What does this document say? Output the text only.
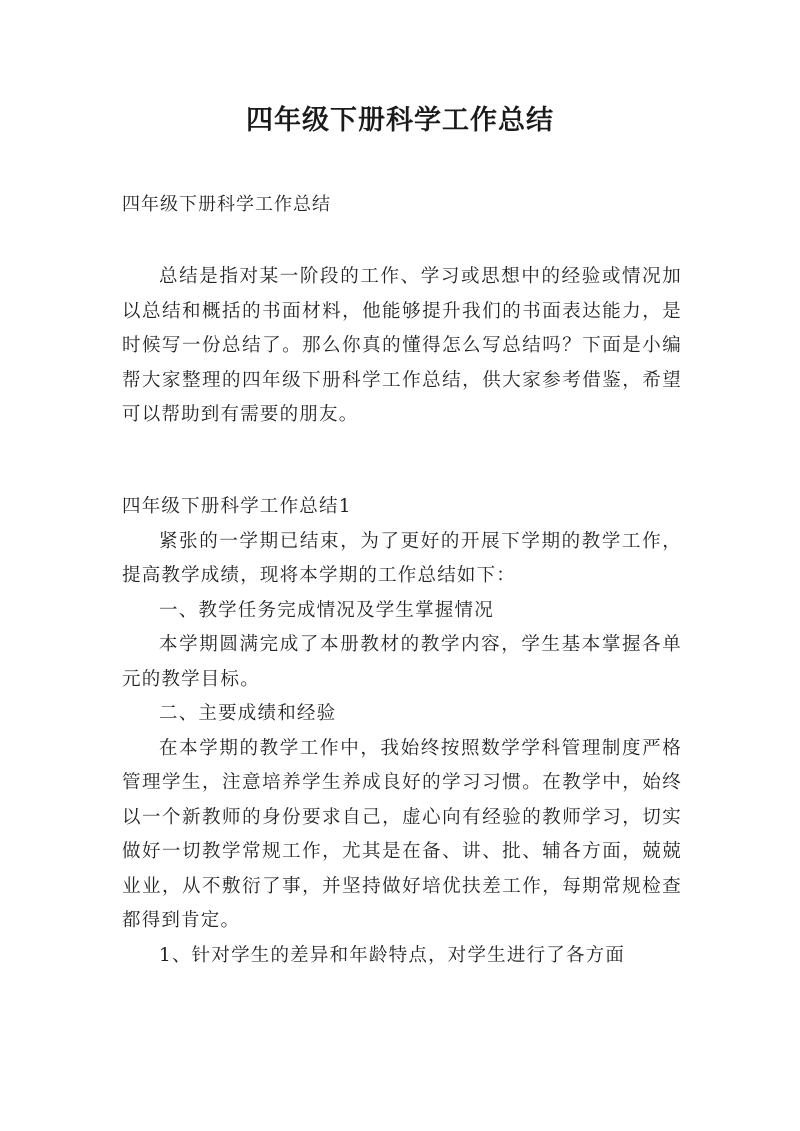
四年级下册科学工作总结
四年级下册科学工作总结

总结是指对某一阶段的工作、学习或思想中的经验或情况加以总结和概括的书面材料，他能够提升我们的书面表达能力，是时候写一份总结了。那么你真的懂得怎么写总结吗？下面是小编帮大家整理的四年级下册科学工作总结，供大家参考借鉴，希望可以帮助到有需要的朋友。

四年级下册科学工作总结1

紧张的一学期已结束，为了更好的开展下学期的教学工作，提高教学成绩，现将本学期的工作总结如下：

一、教学任务完成情况及学生掌握情况

本学期圆满完成了本册教材的教学内容，学生基本掌握各单元的教学目标。

二、主要成绩和经验

在本学期的教学工作中，我始终按照数学学科管理制度严格管理学生，注意培养学生养成良好的学习习惯。在教学中，始终以一个新教师的身份要求自己，虚心向有经验的教师学习，切实做好一切教学常规工作，尤其是在备、讲、批、辅各方面，兢兢业业，从不敷衍了事，并坚持做好培优扶差工作，每期常规检查都得到肯定。

1、针对学生的差异和年龄特点，对学生进行了各方面
